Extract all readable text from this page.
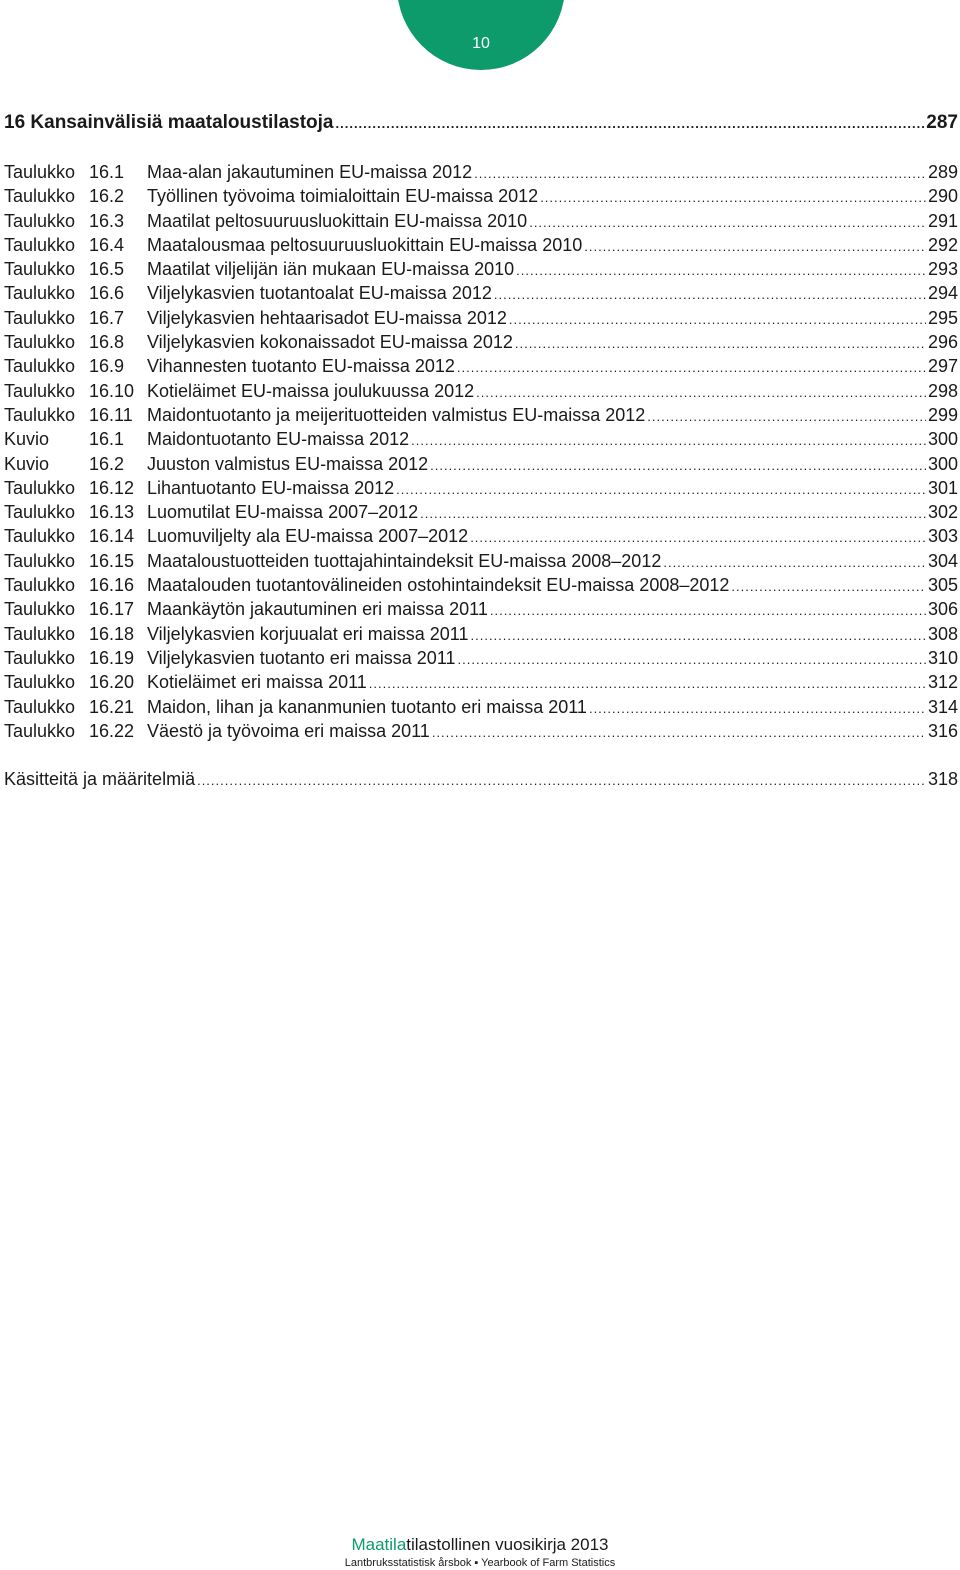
10
16 Kansainvälisiä maataloustilastoja .....	287
Taulukko 16.1	Maa-alan jakautuminen EU-maissa 2012 .....	289
Taulukko 16.2	Työllinen työvoima toimialoittain EU-maissa 2012 .....	290
Taulukko 16.3	Maatilat peltosuuruusluokittain EU-maissa 2010 .....	291
Taulukko 16.4	Maatalousmaa peltosuuruusluokittain EU-maissa 2010 .....	292
Taulukko 16.5	Maatilat viljelijän iän mukaan EU-maissa 2010 .....	293
Taulukko 16.6	Viljelykasvien tuotantoalat EU-maissa 2012 .....	294
Taulukko 16.7	Viljelykasvien hehtaarisadot EU-maissa 2012 .....	295
Taulukko 16.8	Viljelykasvien kokonaissadot EU-maissa 2012 .....	296
Taulukko 16.9	Vihannesten tuotanto EU-maissa 2012 .....	297
Taulukko 16.10 Kotieläimet EU-maissa joulukuussa 2012 .....	298
Taulukko 16.11 Maidontuotanto ja meijerituotteiden valmistus EU-maissa 2012 .....	299
Kuvio	16.1	Maidontuotanto EU-maissa 2012 .....	300
Kuvio	16.2	Juuston valmistus EU-maissa 2012 .....	300
Taulukko 16.12 Lihantuotanto EU-maissa 2012 .....	301
Taulukko 16.13 Luomutilat EU-maissa 2007–2012 .....	302
Taulukko 16.14 Luomuviljelty ala EU-maissa 2007–2012 .....	303
Taulukko 16.15 Maataloustuotteiden tuottajahintaindeksit EU-maissa 2008–2012 .....	304
Taulukko 16.16 Maatalouden tuotantovälineiden ostohintaindeksit EU-maissa 2008–2012 .....	305
Taulukko 16.17 Maankäytön jakautuminen eri maissa 2011 .....	306
Taulukko 16.18 Viljelykasvien korjuualat eri maissa 2011 .....	308
Taulukko 16.19 Viljelykasvien tuotanto eri maissa 2011 .....	310
Taulukko 16.20 Kotieläimet eri maissa 2011 .....	312
Taulukko 16.21 Maidon, lihan ja kananmunien tuotanto eri maissa 2011 .....	314
Taulukko 16.22 Väestö ja työvoima eri maissa 2011 .....	316
Käsitteitä ja määritelmiä .....	318
Maatilatilastollinen vuosikirja 2013
Lantbruksstatistisk årsbok ▪ Yearbook of Farm Statistics
